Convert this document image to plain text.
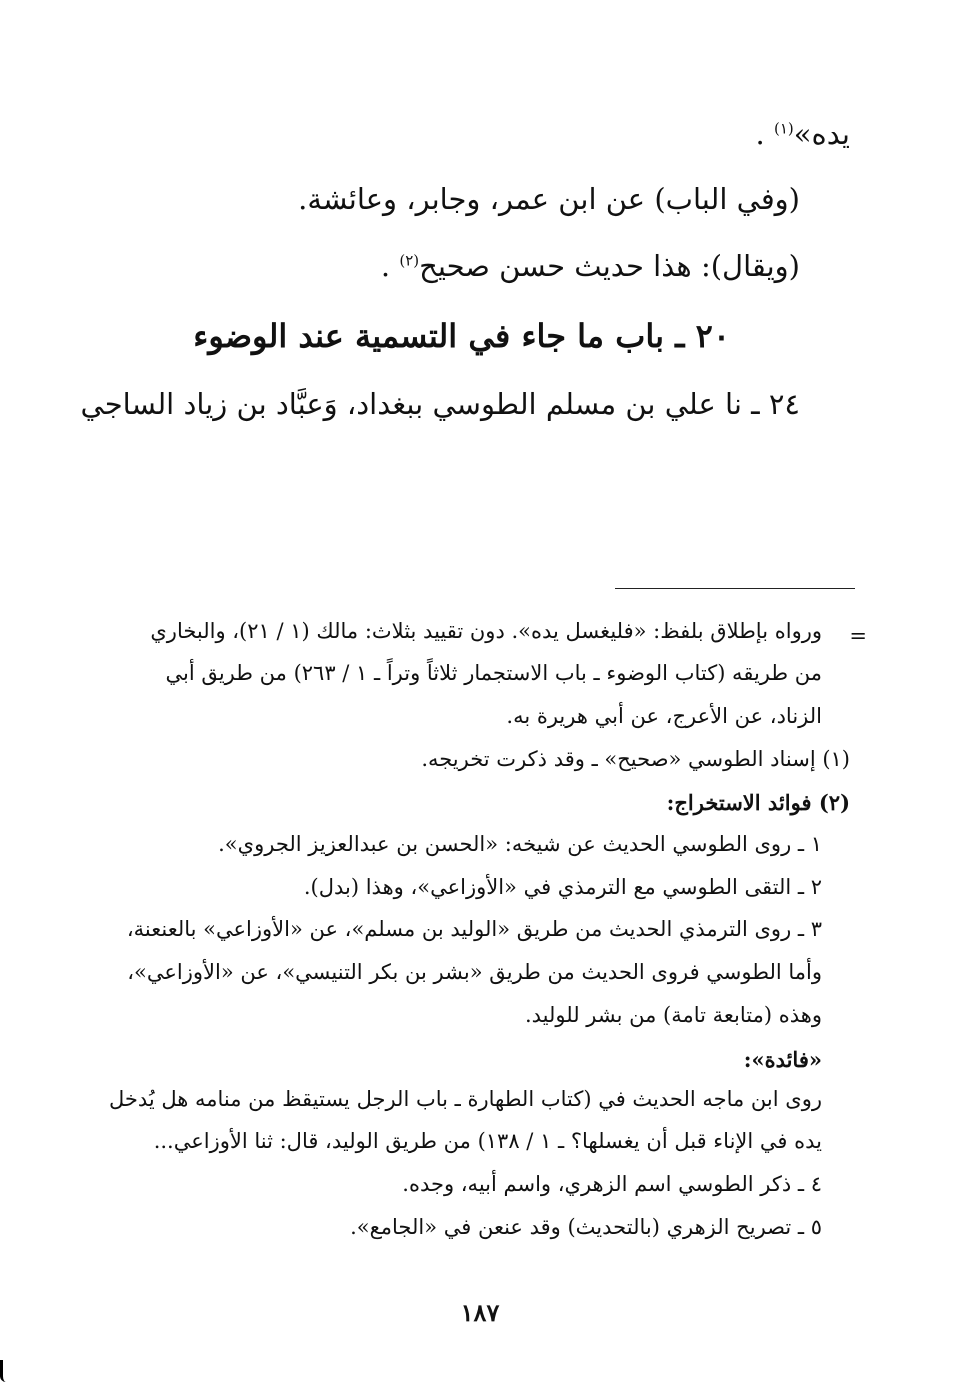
يده»$^{(١)}$ .
(وفي الباب) عن ابن عمر، وجابر، وعائشة.
(ويقال): هذا حديث حسن صحيح$^{(٢)}$ .
٢٠ ـ باب ما جاء في التسمية عند الوضوء
٢٤ ـ نا علي بن مسلم الطوسي ببغداد، وَعبَّاد بن زياد الساجي
=
ورواه بإطلاق بلفظ: «فليغسل يده». دون تقييد بثلاث: مالك (١ / ٢١)، والبخاري
من طريقه (كتاب الوضوء ـ باب الاستجمار ثلاثاً وتراً ـ ١ / ٢٦٣) من طريق أبي
الزناد، عن الأعرج، عن أبي هريرة به.
(١) إسناد الطوسي «صحيح» ـ وقد ذكرت تخريجه.
(٢) فوائد الاستخراج:
١ ـ روى الطوسي الحديث عن شيخه: «الحسن بن عبدالعزيز الجروي».
٢ ـ التقى الطوسي مع الترمذي في «الأوزاعي»، وهذا (بدل).
٣ ـ روى الترمذي الحديث من طريق «الوليد بن مسلم»، عن «الأوزاعي» بالعنعنة،
وأما الطوسي فروى الحديث من طريق «بشر بن بكر التنيسي»، عن «الأوزاعي»،
وهذه (متابعة تامة) من بشر للوليد.
«فائدة»:
روى ابن ماجه الحديث في (كتاب الطهارة ـ باب الرجل يستيقظ من منامه هل يُدخل
يده في الإناء قبل أن يغسلها؟ ـ ١ / ١٣٨) من طريق الوليد، قال: ثنا الأوزاعي...
٤ ـ ذكر الطوسي اسم الزهري، واسم أبيه، وجده.
٥ ـ تصريح الزهري (بالتحديث) وقد عنعن في «الجامع».
١٨٧
